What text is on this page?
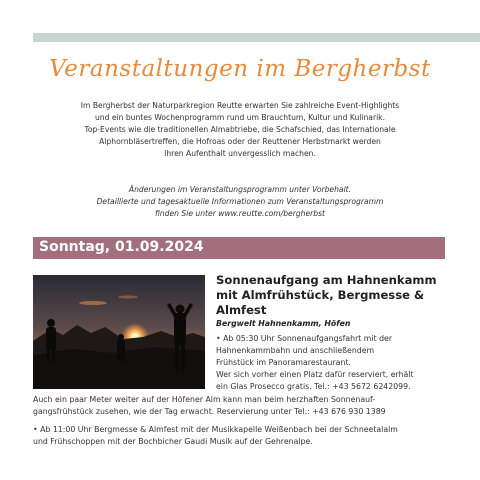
Veranstaltungen im Bergherbst

Im Bergherbst der Naturparkregion Reutte erwarten Sie zahlreiche Event-Highlights

und ein buntes Wochenprogramm rund um Brauchtum, Kultur und Kulinarik.

Top-Events wie die traditionellen Almabtriebe, die Schafschied, das Internationale

Alphornbläsertreffen, die Hofroas oder der Reuttener Herbstmarkt werden

Ihren Aufenthalt unvergesslich machen.

Änderungen im Veranstaltungsprogramm unter Vorbehalt.

Detaillierte und tagesaktuelle Informationen zum Veranstaltungsprogramm

finden Sie unter www.reutte.com/bergherbst

Sonntag, 01.09.2024

Sonnenaufgang am Hahnenkamm

mit Almfrühstück, Bergmesse &

Almfest

Bergwelt Hahnenkamm, Höfen

• Ab 05:30 Uhr Sonnenaufgangsfahrt mit der

Hahnenkammbahn und anschließendem

Frühstück im Panoramarestaurant.

Wer sich vorher einen Platz dafür reserviert, erhält

ein Glas Prosecco gratis. Tel.: +43 5672 6242099.

Auch ein paar Meter weiter auf der Höfener Alm kann man beim herzhaften Sonnenauf-

gangsfrühstück zusehen, wie der Tag erwacht. Reservierung unter Tel.: +43 676 930 1389

• Ab 11:00 Uhr Bergmesse & Almfest mit der Musikkapelle Weißenbach bei der Schneetalalm

und Frühschoppen mit der Bochbicher Gaudi Musik auf der Gehrenalpe.
